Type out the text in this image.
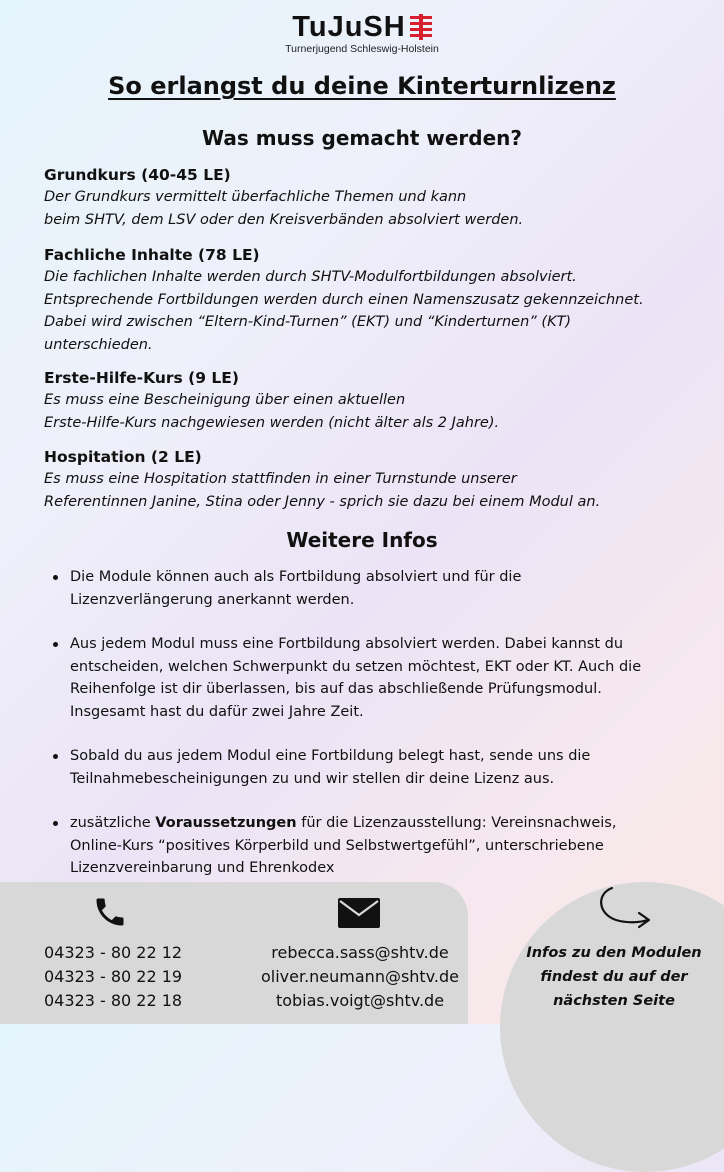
TuJuSH
Turnerjugend Schleswig-Holstein
So erlangst du deine Kinterturnlizenz
Was muss gemacht werden?
Grundkurs (40-45 LE)
Der Grundkurs vermittelt überfachliche Themen und kann
beim SHTV, dem LSV oder den Kreisverbänden absolviert werden.
Fachliche Inhalte (78 LE)
Die fachlichen Inhalte werden durch SHTV-Modulfortbildungen absolviert.
Entsprechende Fortbildungen werden durch einen Namenszusatz gekennzeichnet.
Dabei wird zwischen “Eltern-Kind-Turnen” (EKT) und “Kinderturnen” (KT)
unterschieden.
Erste-Hilfe-Kurs (9 LE)
Es muss eine Bescheinigung über einen aktuellen
Erste-Hilfe-Kurs nachgewiesen werden (nicht älter als 2 Jahre).
Hospitation (2 LE)
Es muss eine Hospitation stattfinden in einer Turnstunde unserer
Referentinnen Janine, Stina oder Jenny - sprich sie dazu bei einem Modul an.
Weitere Infos
Die Module können auch als Fortbildung absolviert und für die
Lizenzverlängerung anerkannt werden.
Aus jedem Modul muss eine Fortbildung absolviert werden. Dabei kannst du
entscheiden, welchen Schwerpunkt du setzen möchtest, EKT oder KT. Auch die
Reihenfolge ist dir überlassen, bis auf das abschließende Prüfungsmodul.
Insgesamt hast du dafür zwei Jahre Zeit.
Sobald du aus jedem Modul eine Fortbildung belegt hast, sende uns die
Teilnahmebescheinigungen zu und wir stellen dir deine Lizenz aus.
zusätzliche Voraussetzungen für die Lizenzausstellung: Vereinsnachweis,
Online-Kurs “positives Körperbild und Selbstwertgefühl”, unterschriebene
Lizenzvereinbarung und Ehrenkodex
04323 - 80 22 12
04323 - 80 22 19
04323 - 80 22 18
rebecca.sass@shtv.de
oliver.neumann@shtv.de
tobias.voigt@shtv.de
Infos zu den Modulen
findest du auf der
nächsten Seite
